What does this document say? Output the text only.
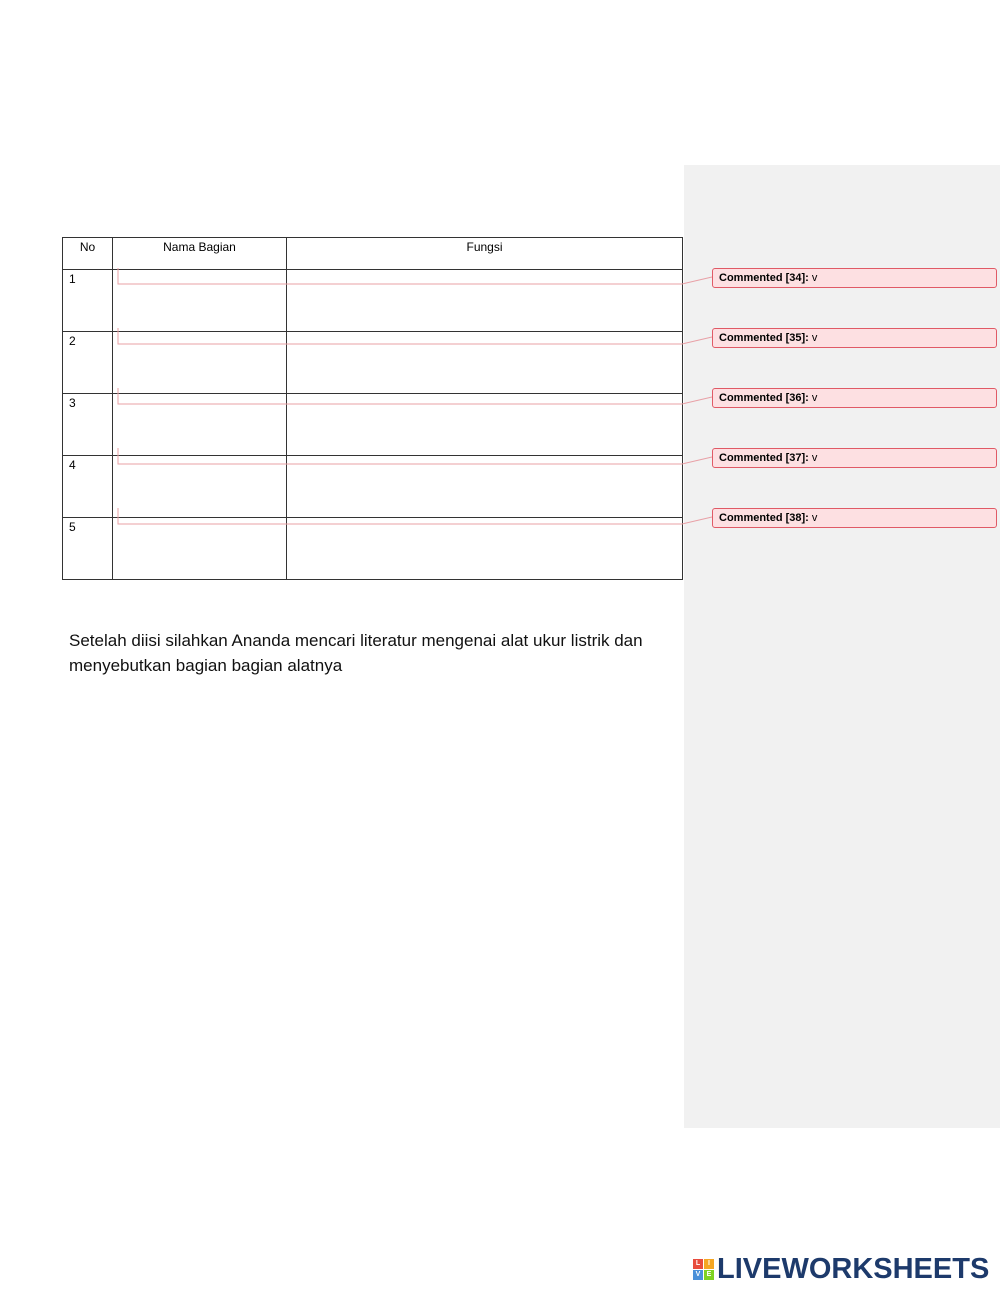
No	Nama Bagian	Fungsi
1		
2		
3		
4		
5		
Commented [34]: v
Commented [35]: v
Commented [36]: v
Commented [37]: v
Commented [38]: v
Setelah diisi silahkan Ananda mencari literatur mengenai alat ukur listrik dan menyebutkan bagian bagian alatnya
L	I
V E LIVEWORKSHEETS
